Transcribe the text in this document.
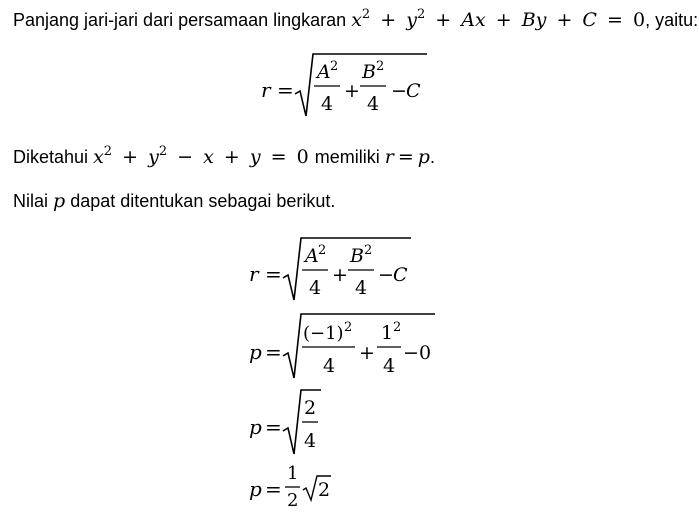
Panjang jari-jari dari persamaan lingkaran $x^2 + y^2 + Ax + By + C = 0$, yaitu:
r =
A 2
4
+
B 2
4
− C
Diketahui $x^2 + y^2 - x + y = 0$ memiliki r = p.
Nilai p dapat ditentukan sebagai berikut.
r =
A 2
4
+
B 2
4
− C
p =
(−1) 2
4
+
1 2
4
− 0
p =
2
4
p =
1
2 2
